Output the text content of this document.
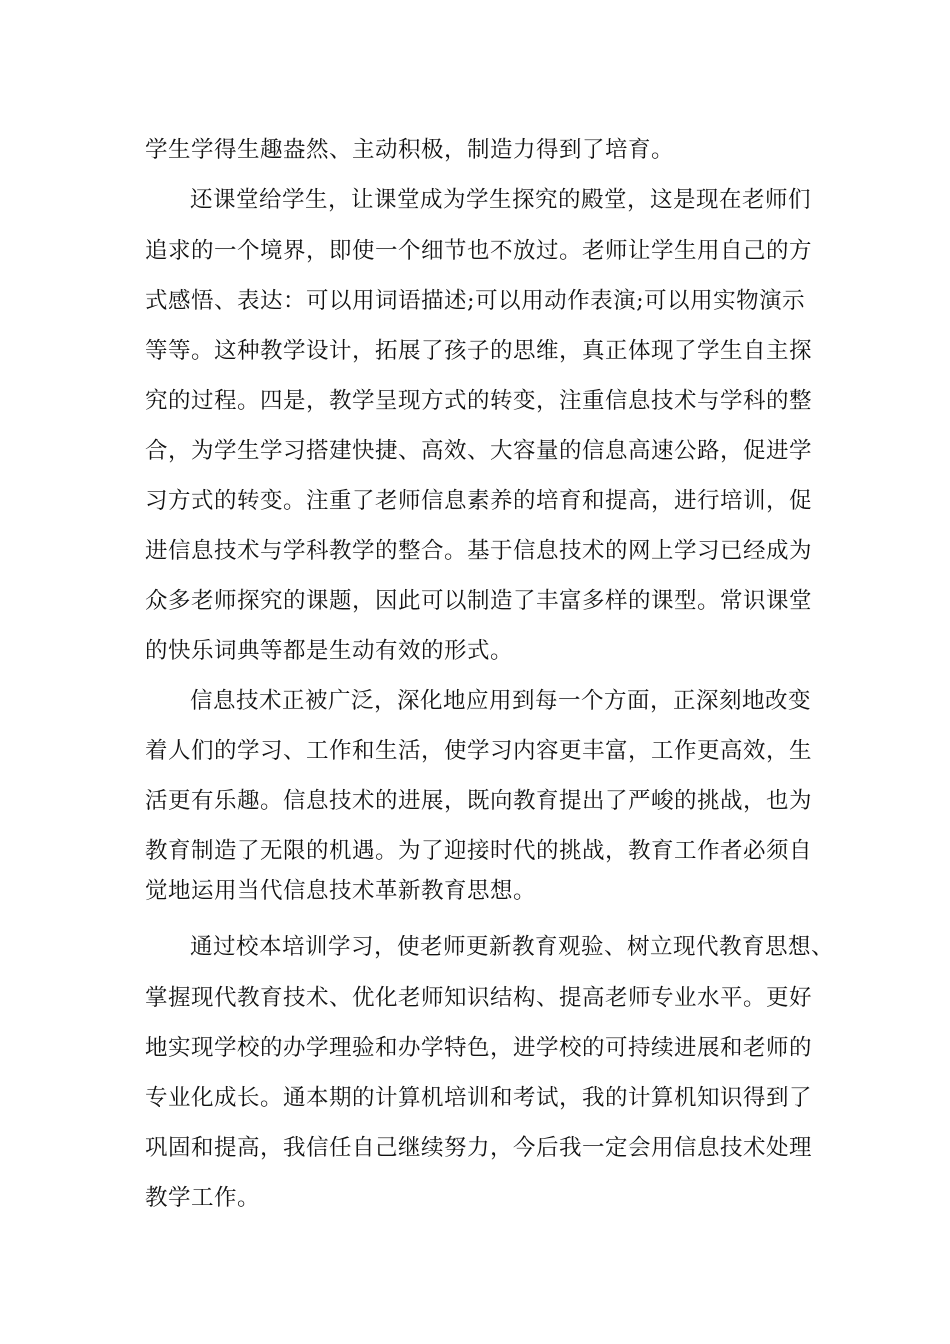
学生学得生趣盎然、主动积极，制造力得到了培育。
还课堂给学生，让课堂成为学生探究的殿堂，这是现在老师们
追求的一个境界，即使一个细节也不放过。老师让学生用自己的方
式感悟、表达：可以用词语描述;可以用动作表演;可以用实物演示
等等。这种教学设计，拓展了孩子的思维，真正体现了学生自主探
究的过程。四是，教学呈现方式的转变，注重信息技术与学科的整
合，为学生学习搭建快捷、高效、大容量的信息高速公路，促进学
习方式的转变。注重了老师信息素养的培育和提高，进行培训，促
进信息技术与学科教学的整合。基于信息技术的网上学习已经成为
众多老师探究的课题，因此可以制造了丰富多样的课型。常识课堂
的快乐词典等都是生动有效的形式。
信息技术正被广泛，深化地应用到每一个方面，正深刻地改变
着人们的学习、工作和生活，使学习内容更丰富，工作更高效，生
活更有乐趣。信息技术的进展，既向教育提出了严峻的挑战，也为
教育制造了无限的机遇。为了迎接时代的挑战，教育工作者必须自
觉地运用当代信息技术革新教育思想。
通过校本培训学习，使老师更新教育观验、树立现代教育思想、
掌握现代教育技术、优化老师知识结构、提高老师专业水平。更好
地实现学校的办学理验和办学特色，进学校的可持续进展和老师的
专业化成长。通本期的计算机培训和考试，我的计算机知识得到了
巩固和提高，我信任自己继续努力，今后我一定会用信息技术处理
教学工作。
